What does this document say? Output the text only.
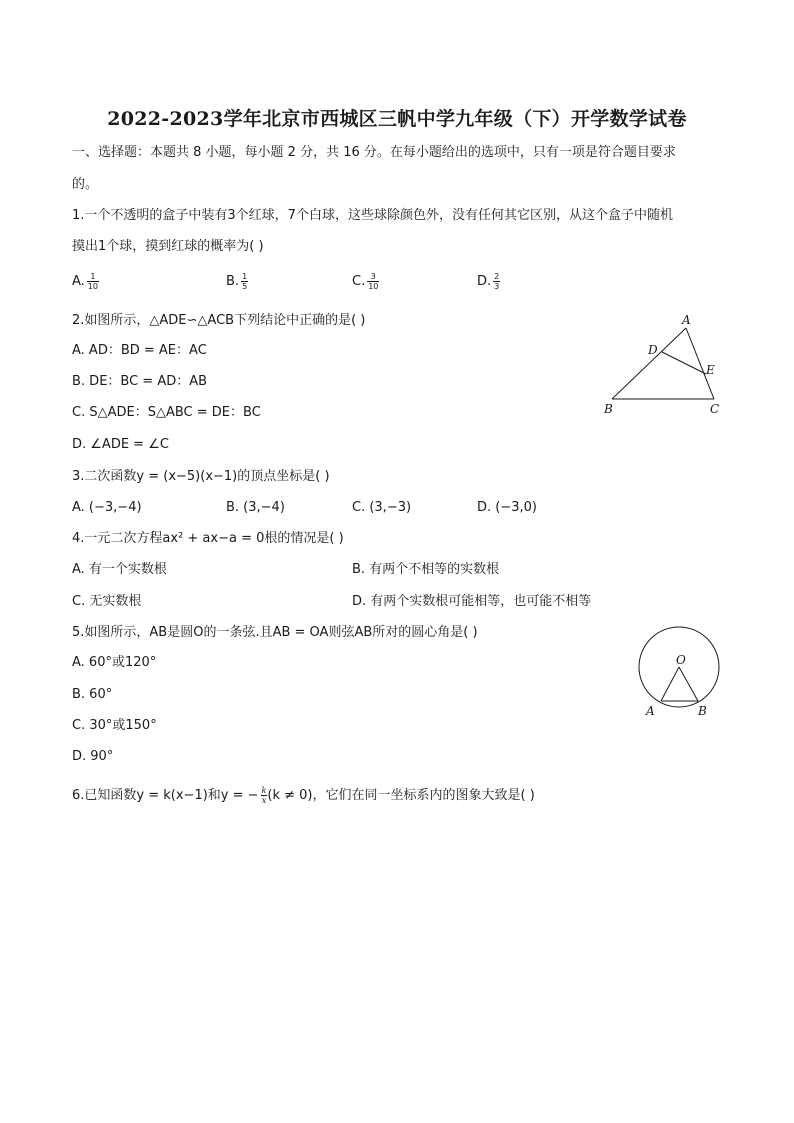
2022-2023学年北京市西城区三帆中学九年级（下）开学数学试卷
一、选择题：本题共 8 小题，每小题 2 分，共 16 分。在每小题给出的选项中，只有一项是符合题目要求
的。
1.一个不透明的盒子中装有3个红球，7个白球，这些球除颜色外，没有任何其它区别，从这个盒子中随机
摸出1个球，摸到红球的概率为( )
A. $\frac{1}{10}$	B. $\frac{1}{5}$	C. $\frac{3}{10}$	D. $\frac{2}{3}$
2.如图所示，△ADE∽△ACB下列结论中正确的是( )
A. AD：BD = AE：AC
B. DE：BC = AD：AB
C. S△ADE：S△ABC = DE：BC
D. ∠ADE = ∠C
A
D
E
B	C
3.二次函数y = (x−5)(x−1)的顶点坐标是( )
A. (−3,−4)	B. (3,−4)	C. (3,−3)	D. (−3,0)
4.一元二次方程ax² + ax−a = 0根的情况是( )
A. 有一个实数根	B. 有两个不相等的实数根
C. 无实数根	D. 有两个实数根可能相等，也可能不相等
5.如图所示，AB是圆O的一条弦.且AB = OA则弦AB所对的圆心角是( )
A. 60°或120°
B. 60°
C. 30°或150°
D. 90°
O
A	B
6.已知函数y = k(x−1)和y = − $\frac{k}{x} (k \ne 0)$，它们在同一坐标系内的图象大致是( )
